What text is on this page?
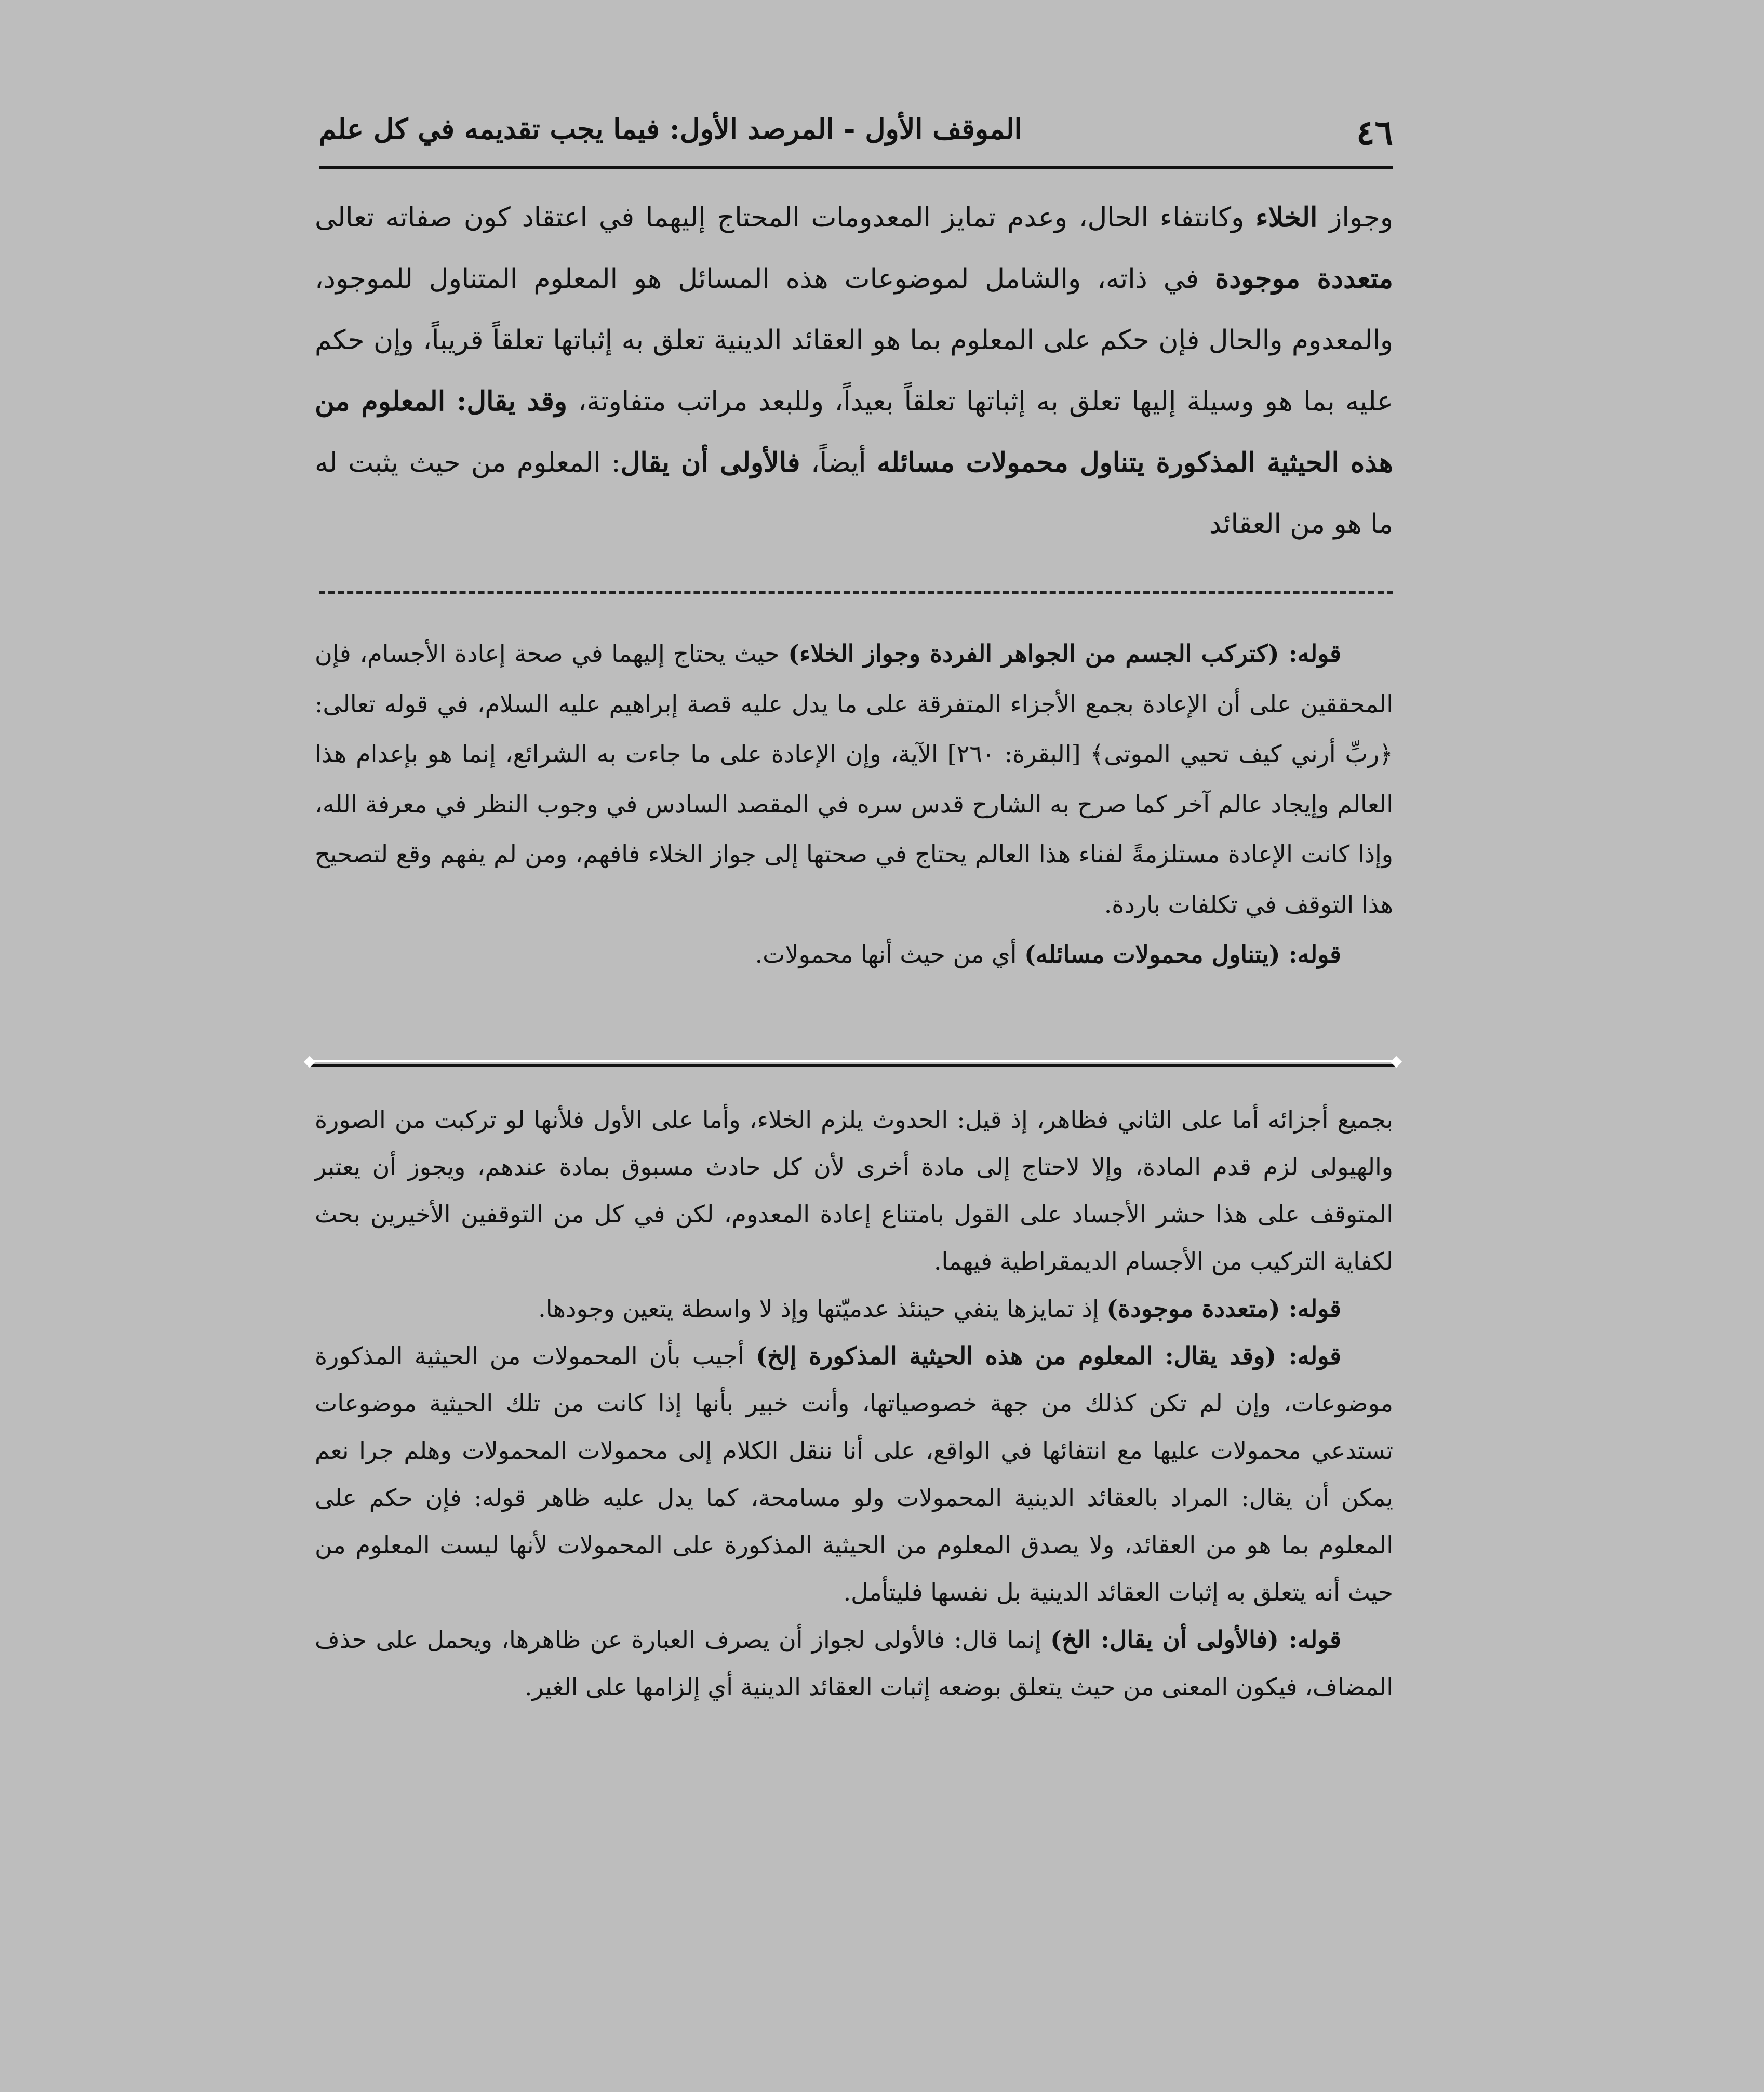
٤٦
الموقف الأول - المرصد الأول: فيما يجب تقديمه في كل علم

وجواز الخلاء وكانتفاء الحال، وعدم تمايز المعدومات المحتاج إليهما في اعتقاد كون صفاته تعالى متعددة موجودة في ذاته، والشامل لموضوعات هذه المسائل هو المعلوم المتناول للموجود، والمعدوم والحال فإن حكم على المعلوم بما هو العقائد الدينية تعلق به إثباتها تعلقاً قريباً، وإن حكم عليه بما هو وسيلة إليها تعلق به إثباتها تعلقاً بعيداً، وللبعد مراتب متفاوتة، وقد يقال: المعلوم من هذه الحيثية المذكورة يتناول محمولات مسائله أيضاً، فالأولى أن يقال: المعلوم من حيث يثبت له ما هو من العقائد

قوله: (كتركب الجسم من الجواهر الفردة وجواز الخلاء) حيث يحتاج إليهما في صحة إعادة الأجسام، فإن المحققين على أن الإعادة بجمع الأجزاء المتفرقة على ما يدل عليه قصة إبراهيم عليه السلام، في قوله تعالى: ﴿ربِّ أرني كيف تحيي الموتى﴾ [البقرة: ٢٦٠] الآية، وإن الإعادة على ما جاءت به الشرائع، إنما هو بإعدام هذا العالم وإيجاد عالم آخر كما صرح به الشارح قدس سره في المقصد السادس في وجوب النظر في معرفة الله، وإذا كانت الإعادة مستلزمةً لفناء هذا العالم يحتاج في صحتها إلى جواز الخلاء فافهم، ومن لم يفهم وقع لتصحيح هذا التوقف في تكلفات باردة.

قوله: (يتناول محمولات مسائله) أي من حيث أنها محمولات.

بجميع أجزائه أما على الثاني فظاهر، إذ قيل: الحدوث يلزم الخلاء، وأما على الأول فلأنها لو تركبت من الصورة والهيولى لزم قدم المادة، وإلا لاحتاج إلى مادة أخرى لأن كل حادث مسبوق بمادة عندهم، ويجوز أن يعتبر المتوقف على هذا حشر الأجساد على القول بامتناع إعادة المعدوم، لكن في كل من التوقفين الأخيرين بحث لكفاية التركيب من الأجسام الديمقراطية فيهما.

قوله: (متعددة موجودة) إذ تمايزها ينفي حينئذ عدميّتها وإذ لا واسطة يتعين وجودها.

قوله: (وقد يقال: المعلوم من هذه الحيثية المذكورة إلخ) أجيب بأن المحمولات من الحيثية المذكورة موضوعات، وإن لم تكن كذلك من جهة خصوصياتها، وأنت خبير بأنها إذا كانت من تلك الحيثية موضوعات تستدعي محمولات عليها مع انتفائها في الواقع، على أنا ننقل الكلام إلى محمولات المحمولات وهلم جرا نعم يمكن أن يقال: المراد بالعقائد الدينية المحمولات ولو مسامحة، كما يدل عليه ظاهر قوله: فإن حكم على المعلوم بما هو من العقائد، ولا يصدق المعلوم من الحيثية المذكورة على المحمولات لأنها ليست المعلوم من حيث أنه يتعلق به إثبات العقائد الدينية بل نفسها فليتأمل.

قوله: (فالأولى أن يقال: الخ) إنما قال: فالأولى لجواز أن يصرف العبارة عن ظاهرها، ويحمل على حذف المضاف، فيكون المعنى من حيث يتعلق بوضعه إثبات العقائد الدينية أي إلزامها على الغير.
